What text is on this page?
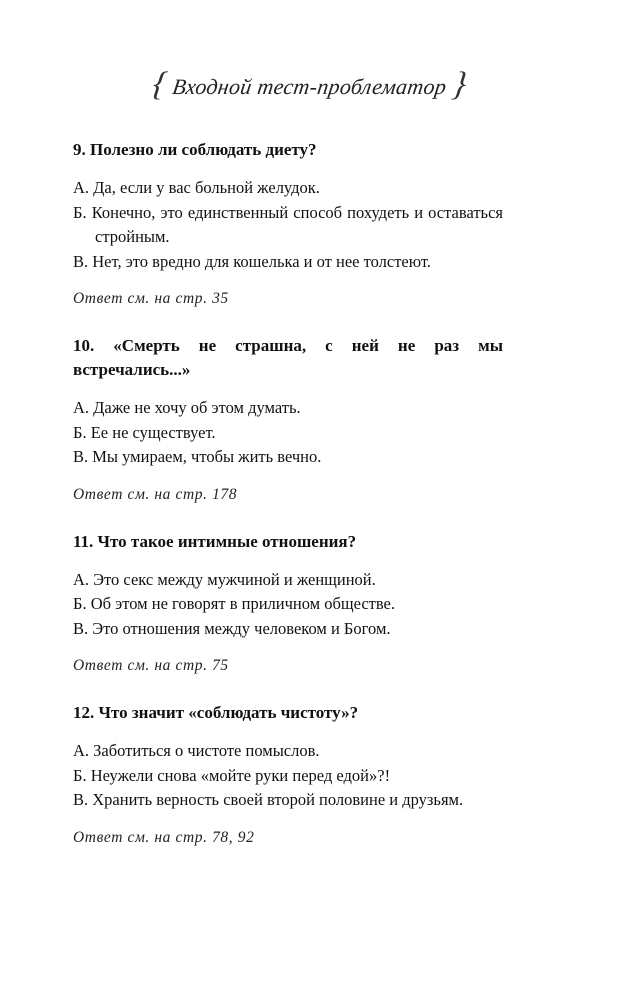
{ Входной тест-проблематор }

9. Полезно ли соблюдать диету?

А. Да, если у вас больной желудок.

Б. Конечно, это единственный способ похудеть и оставаться стройным.

В. Нет, это вредно для кошелька и от нее толстеют.

Ответ см. на стр. 35

10. «Смерть не страшна, с ней не раз мы встречались...»

А. Даже не хочу об этом думать.

Б. Ее не существует.

В. Мы умираем, чтобы жить вечно.

Ответ см. на стр. 178

11. Что такое интимные отношения?

А. Это секс между мужчиной и женщиной.

Б. Об этом не говорят в приличном обществе.

В. Это отношения между человеком и Богом.

Ответ см. на стр. 75

12. Что значит «соблюдать чистоту»?

А. Заботиться о чистоте помыслов.

Б. Неужели снова «мойте руки перед едой»?!

В. Хранить верность своей второй половине и друзьям.

Ответ см. на стр. 78, 92
